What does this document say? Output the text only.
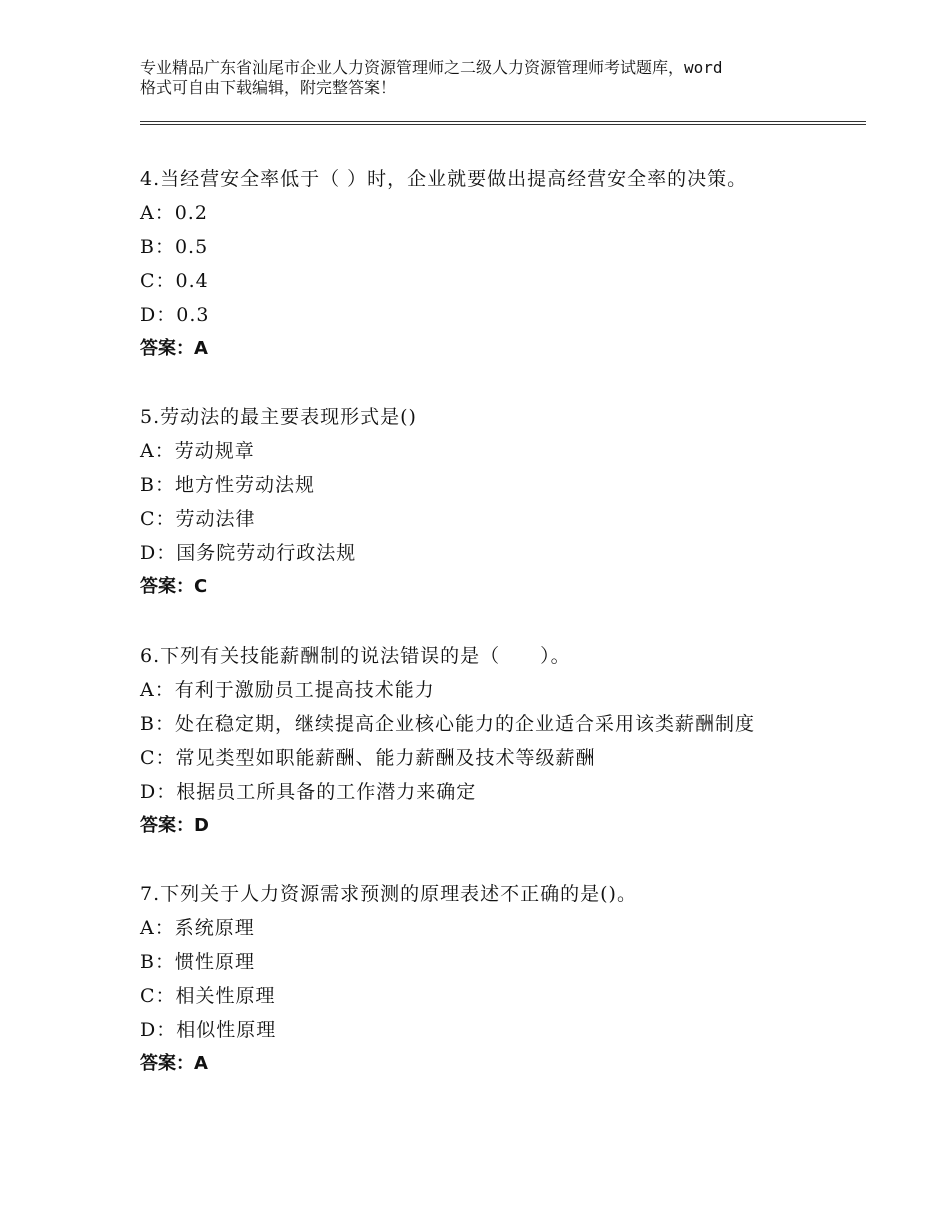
专业精品广东省汕尾市企业人力资源管理师之二级人力资源管理师考试题库，word
格式可自由下载编辑，附完整答案！
4.当经营安全率低于（ ）时，企业就要做出提高经营安全率的决策。
A：0.2
B：0.5
C：0.4
D：0.3
答案：A
5.劳动法的最主要表现形式是()
A：劳动规章
B：地方性劳动法规
C：劳动法律
D：国务院劳动行政法规
答案：C
6.下列有关技能薪酬制的说法错误的是（　　）。
A：有利于激励员工提高技术能力
B：处在稳定期，继续提高企业核心能力的企业适合采用该类薪酬制度
C：常见类型如职能薪酬、能力薪酬及技术等级薪酬
D：根据员工所具备的工作潜力来确定
答案：D
7.下列关于人力资源需求预测的原理表述不正确的是()。
A：系统原理
B：惯性原理
C：相关性原理
D：相似性原理
答案：A
